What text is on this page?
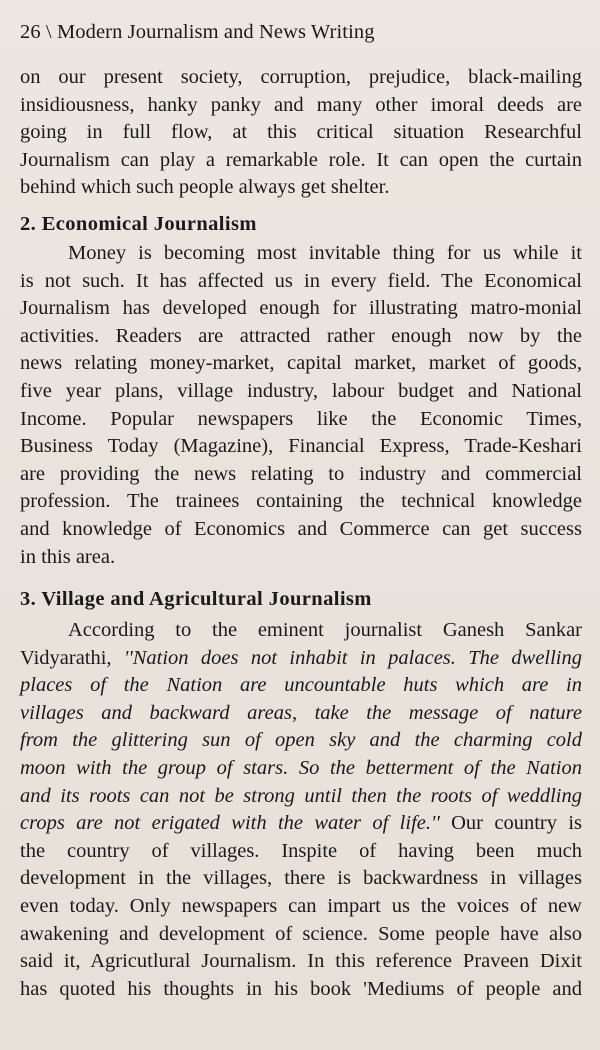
26 \ Modern Journalism and News Writing
on our present society, corruption, prejudice, black-mailing
insidiousness, hanky panky and many other imoral deeds are
going in full flow, at this critical situation Researchful
Journalism can play a remarkable role. It can open the curtain
behind which such people always get shelter.
2. Economical Journalism
Money is becoming most invitable thing for us while it
is not such. It has affected us in every field. The Economical
Journalism has developed enough for illustrating matro-monial
activities. Readers are attracted rather enough now by the
news relating money-market, capital market, market of goods,
five year plans, village industry, labour budget and National
Income. Popular newspapers like the Economic Times,
Business Today (Magazine), Financial Express, Trade-Keshari
are providing the news relating to industry and commercial
profession. The trainees containing the technical knowledge
and knowledge of Economics and Commerce can get success
in this area.
3. Village and Agricultural Journalism
According to the eminent journalist Ganesh Sankar
Vidyarathi, ''Nation does not inhabit in palaces. The dwelling
places of the Nation are uncountable huts which are in
villages and backward areas, take the message of nature
from the glittering sun of open sky and the charming cold
moon with the group of stars. So the betterment of the Nation
and its roots can not be strong until then the roots of weddling
crops are not erigated with the water of life.'' Our country is
the country of villages. Inspite of having been much
development in the villages, there is backwardness in villages
even today. Only newspapers can impart us the voices of new
awakening and development of science. Some people have also
said it, Agricutlural Journalism. In this reference Praveen Dixit
has quoted his thoughts in his book 'Mediums of people and
